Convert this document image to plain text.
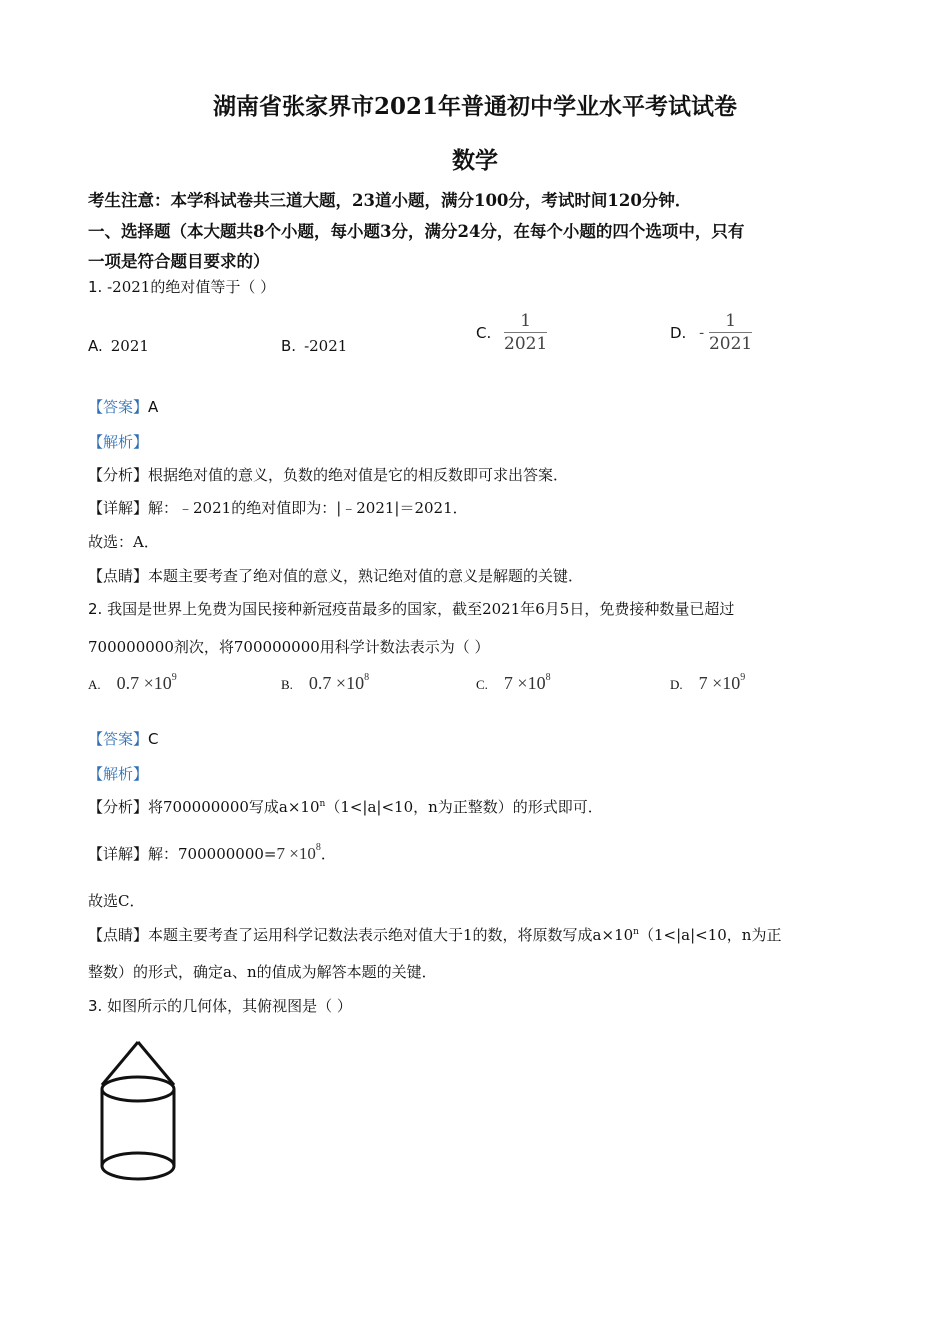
湖南省张家界市2021年普通初中学业水平考试试卷
数学
考生注意：本学科试卷共三道大题，23道小题，满分100分，考试时间120分钟．
一、选择题（本大题共8个小题，每小题3分，满分24分，在每个小题的四个选项中，只有
一项是符合题目要求的）
1. -2021的绝对值等于（ ）
A. 2021	B. -2021
C. $\frac{1}{2021}$	D. - $\frac{1}{2021}$
【答案】A
【解析】
【分析】根据绝对值的意义，负数的绝对值是它的相反数即可求出答案．
【详解】解：﹣2021的绝对值即为：|﹣2021|＝2021．
故选：A．
【点睛】本题主要考查了绝对值的意义，熟记绝对值的意义是解题的关键．
2. 我国是世界上免费为国民接种新冠疫苗最多的国家，截至2021年6月5日，免费接种数量已超过
700000000剂次，将700000000用科学计数法表示为（ ）
A. $0.7 \times 10^9$	B. $0.7 \times 10^8$	C. $7 \times 10^8$	D. $7 \times 10^9$
【答案】C
【解析】
【分析】将700000000写成$a\times 10^n(1<|a|<10$，n为正整数）的形式即可．
【详解】解：$700000000=7 \times 10^8$．
故选C．
【点睛】本题主要考查了运用科学记数法表示绝对值大于1的数，将原数写成$a\times 10^n(1<|a|<10$，n为正
整数）的形式，确定a、n的值成为解答本题的关键．
3. 如图所示的几何体，其俯视图是（ ）
